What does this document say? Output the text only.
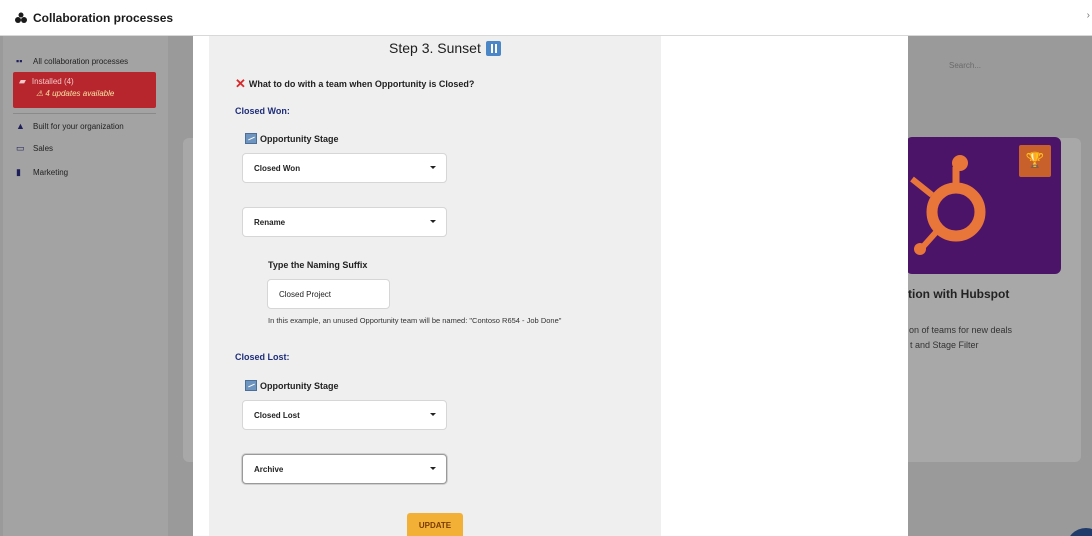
Collaboration processes	›
▪▪	All collaboration processes
▰ Installed (4)
⚠ 4 updates available
▲ Built for your organization
▭	Sales
▮	Marketing
Search...
🏆
tion with Hubspot
on of teams for new deals
t and Stage Filter
Step 3. Sunset
✕ What to do with a team when Opportunity is Closed?
Closed Won:
Opportunity Stage
Closed Won
Rename
Type the Naming Suffix
Closed Project
In this example, an unused Opportunity team will be named: "Contoso R654 - Job Done"
Closed Lost:
Opportunity Stage
Closed Lost
Archive
UPDATE
